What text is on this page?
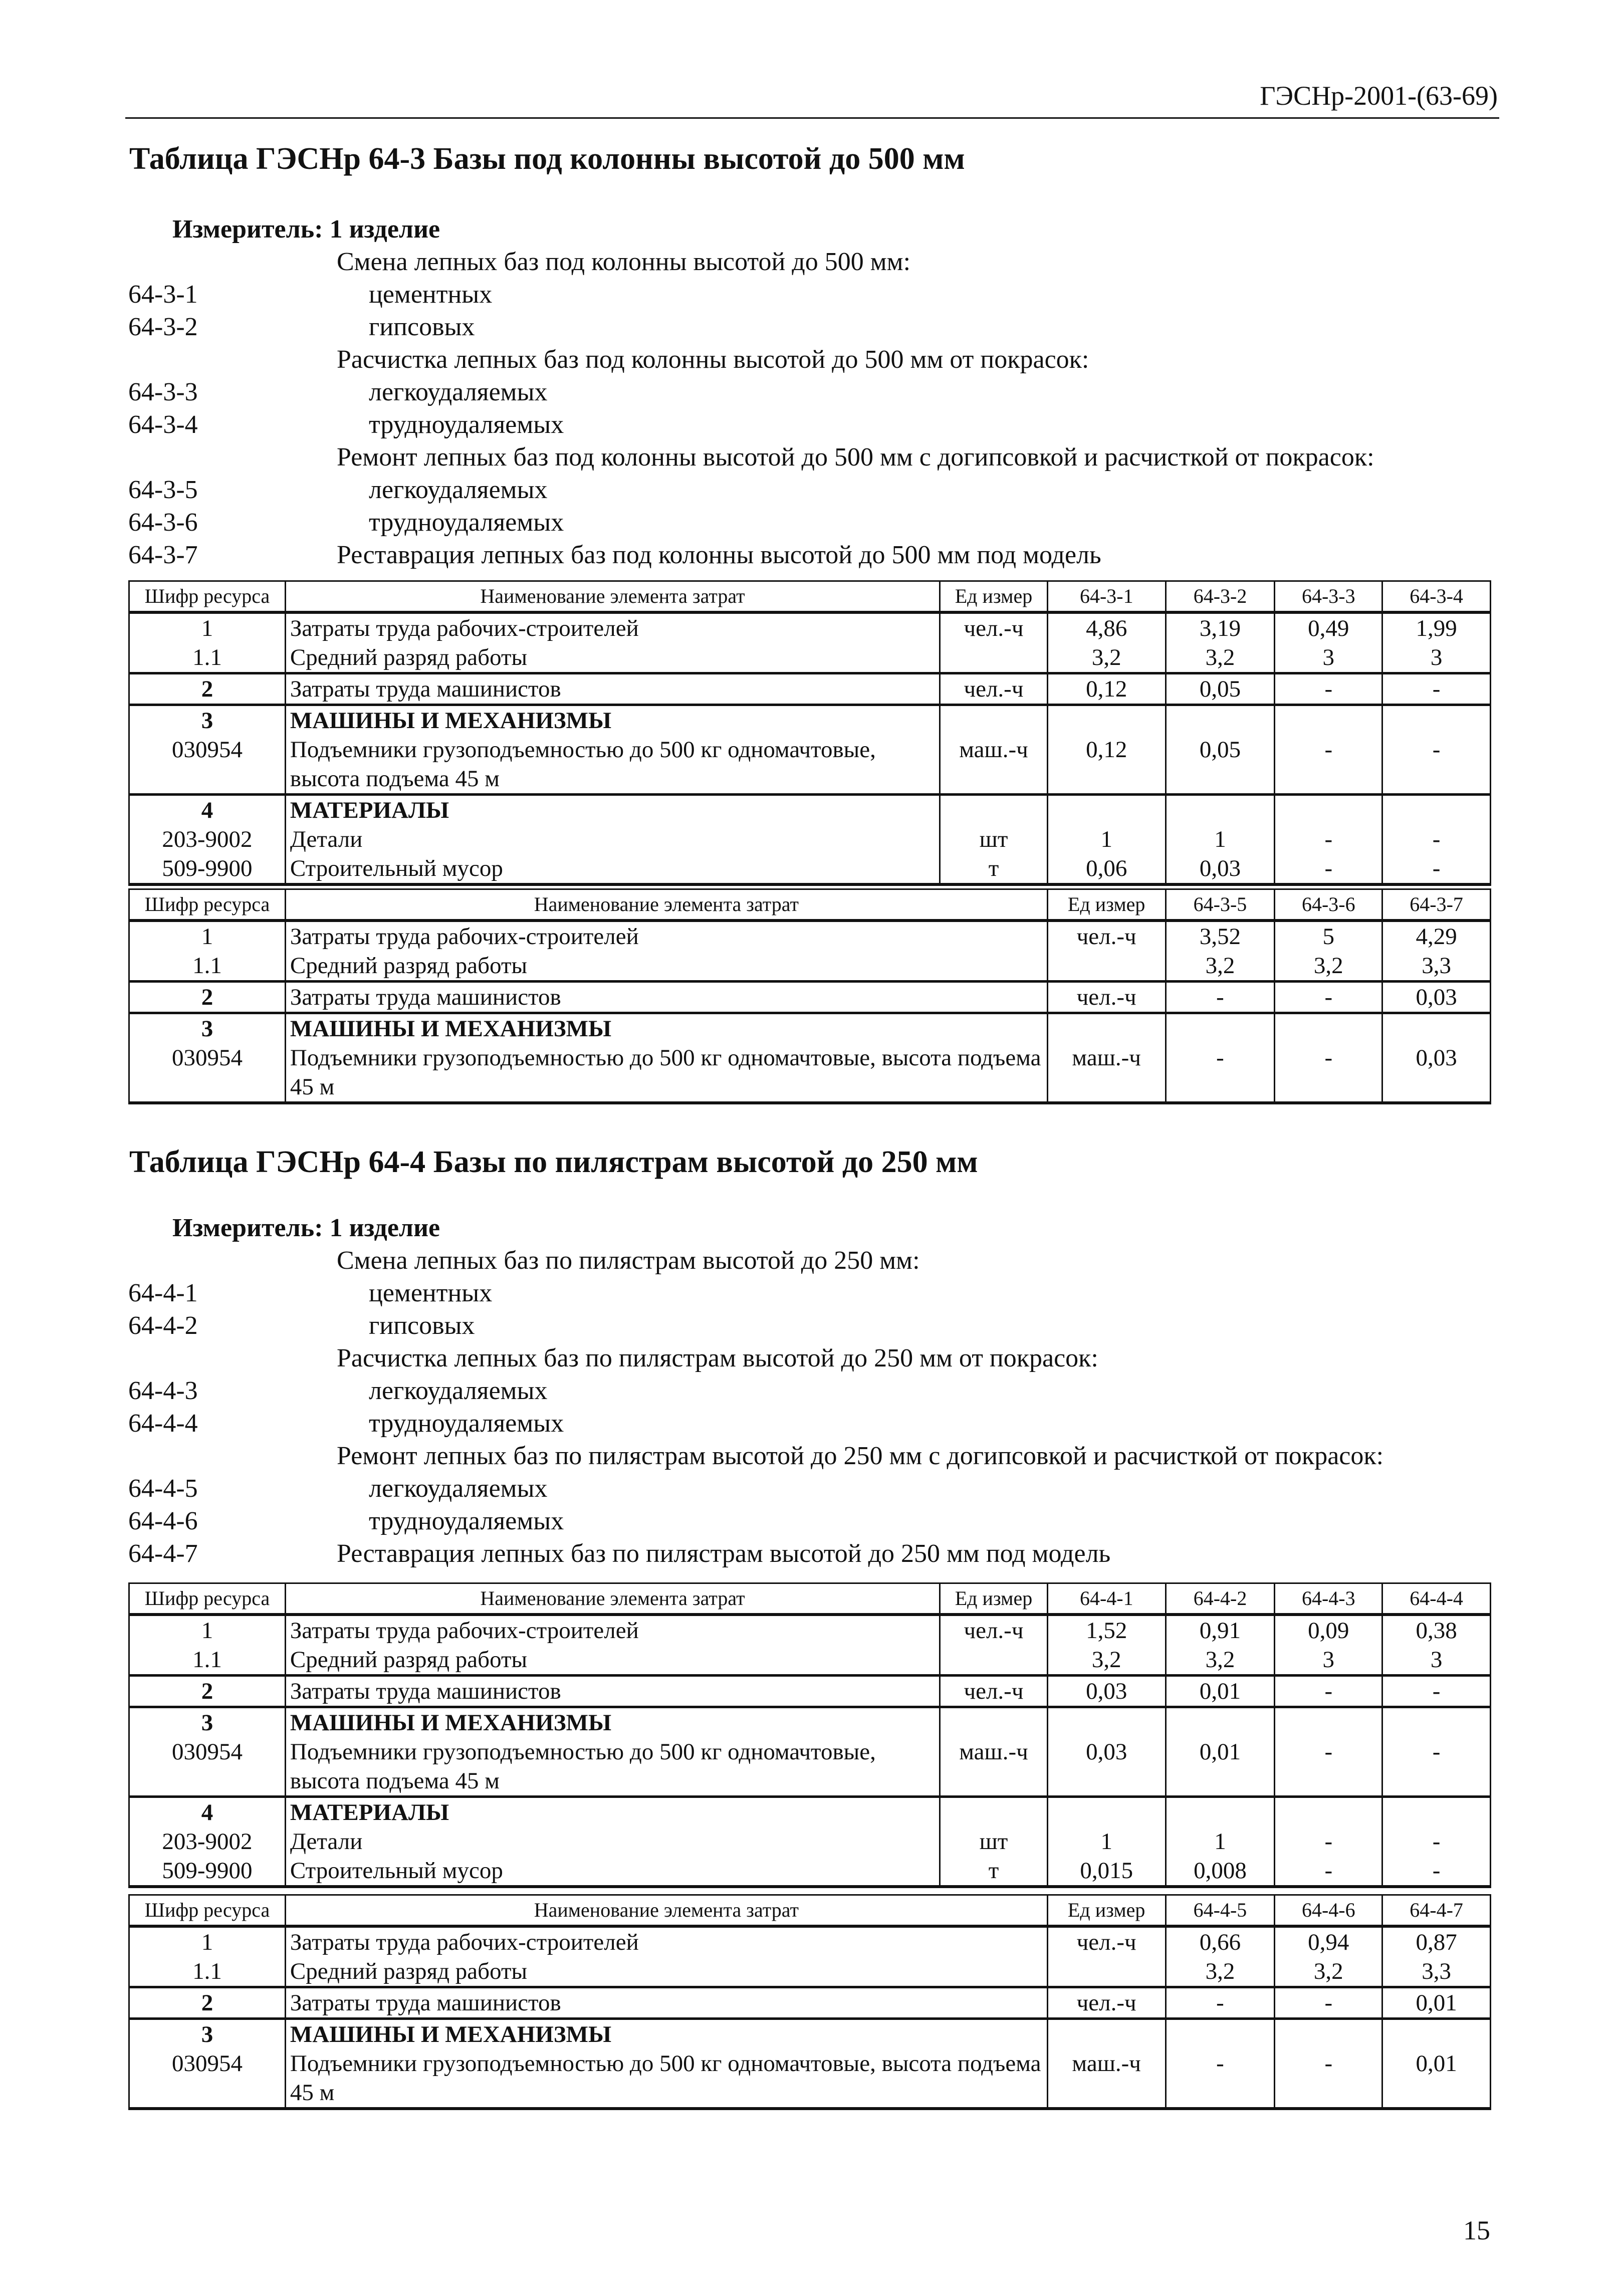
ГЭСНр-2001-(63-69)
Таблица ГЭСНр 64-3 Базы под колонны высотой до 500 мм
Измеритель: 1 изделие
Смена лепных баз под колонны высотой до 500 мм:
64-3-1	цементных
64-3-2	гипсовых
Расчистка лепных баз под колонны высотой до 500 мм от покрасок:
64-3-3	легкоудаляемых
64-3-4	трудноудаляемых
Ремонт лепных баз под колонны высотой до 500 мм с догипсовкой и расчисткой от покрасок:
64-3-5	легкоудаляемых
64-3-6	трудноудаляемых
64-3-7	Реставрация лепных баз под колонны высотой до 500 мм под модель
Шифр ресурса	Наименование элемента затрат	Ед измер	64-3-1	64-3-2	64-3-3	64-3-4
1	Затраты труда рабочих-строителей	чел.-ч	4,86	3,19	0,49	1,99
1.1	Средний разряд работы		3,2	3,2	3	3
2	Затраты труда машинистов	чел.-ч	0,12	0,05	-	-
3	МАШИНЫ И МЕХАНИЗМЫ					
030954	Подъемники грузоподъемностью до 500 кг одномачтовые, высота подъема 45 м	маш.-ч	0,12	0,05	-	-
4	МАТЕРИАЛЫ					
203-9002	Детали	шт	1	1	-	-
509-9900	Строительный мусор	т	0,06	0,03	-	-
Шифр ресурса	Наименование элемента затрат	Ед измер	64-3-5	64-3-6	64-3-7
1	Затраты труда рабочих-строителей	чел.-ч	3,52	5	4,29
1.1	Средний разряд работы		3,2	3,2	3,3
2	Затраты труда машинистов	чел.-ч	-	-	0,03
3	МАШИНЫ И МЕХАНИЗМЫ				
030954	Подъемники грузоподъемностью до 500 кг одномачтовые, высота подъема 45 м	маш.-ч	-	-	0,03
Таблица ГЭСНр 64-4 Базы по пилястрам высотой до 250 мм
Измеритель: 1 изделие
Смена лепных баз по пилястрам высотой до 250 мм:
64-4-1	цементных
64-4-2	гипсовых
Расчистка лепных баз по пилястрам высотой до 250 мм от покрасок:
64-4-3	легкоудаляемых
64-4-4	трудноудаляемых
Ремонт лепных баз по пилястрам высотой до 250 мм с догипсовкой и расчисткой от покрасок:
64-4-5	легкоудаляемых
64-4-6	трудноудаляемых
64-4-7	Реставрация лепных баз по пилястрам высотой до 250 мм под модель
Шифр ресурса	Наименование элемента затрат	Ед измер	64-4-1	64-4-2	64-4-3	64-4-4
1	Затраты труда рабочих-строителей	чел.-ч	1,52	0,91	0,09	0,38
1.1	Средний разряд работы		3,2	3,2	3	3
2	Затраты труда машинистов	чел.-ч	0,03	0,01	-	-
3	МАШИНЫ И МЕХАНИЗМЫ					
030954	Подъемники грузоподъемностью до 500 кг одномачтовые, высота подъема 45 м	маш.-ч	0,03	0,01	-	-
4	МАТЕРИАЛЫ					
203-9002	Детали	шт	1	1	-	-
509-9900	Строительный мусор	т	0,015	0,008	-	-
Шифр ресурса	Наименование элемента затрат	Ед измер	64-4-5	64-4-6	64-4-7
1	Затраты труда рабочих-строителей	чел.-ч	0,66	0,94	0,87
1.1	Средний разряд работы		3,2	3,2	3,3
2	Затраты труда машинистов	чел.-ч	-	-	0,01
3	МАШИНЫ И МЕХАНИЗМЫ				
030954	Подъемники грузоподъемностью до 500 кг одномачтовые, высота подъема 45 м	маш.-ч	-	-	0,01
15
